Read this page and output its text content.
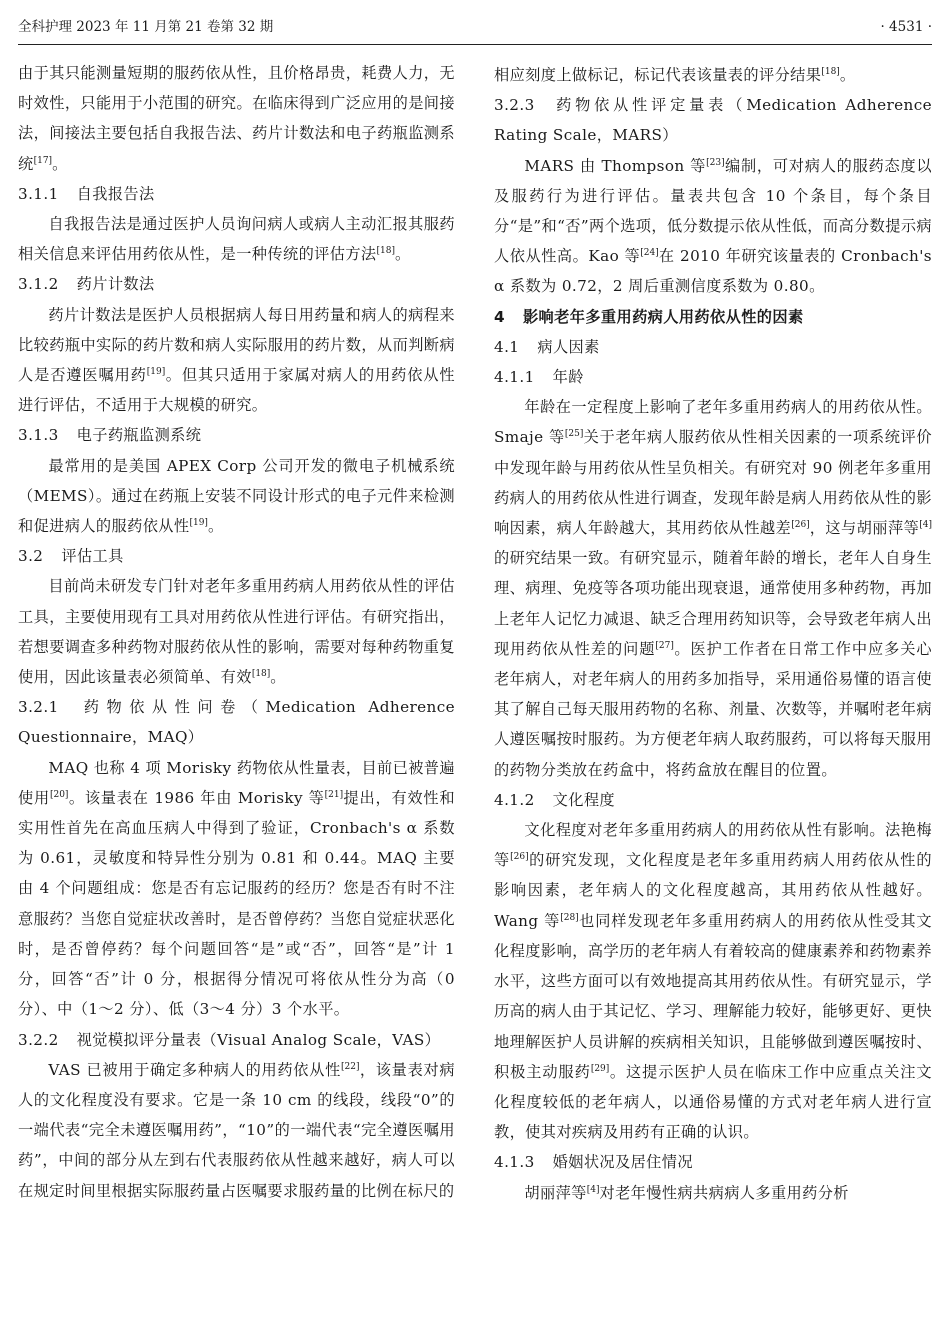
全科护理 2023 年 11 月第 21 卷第 32 期	· 4531 ·

由于其只能测量短期的服药依从性，且价格昂贵，耗费人力，无时效性，只能用于小范围的研究。在临床得到广泛应用的是间接法，间接法主要包括自我报告法、药片计数法和电子药瓶监测系统[17]。

3.1.1 自我报告法

自我报告法是通过医护人员询问病人或病人主动汇报其服药相关信息来评估用药依从性，是一种传统的评估方法[18]。

3.1.2 药片计数法

药片计数法是医护人员根据病人每日用药量和病人的病程来比较药瓶中实际的药片数和病人实际服用的药片数，从而判断病人是否遵医嘱用药[19]。但其只适用于家属对病人的用药依从性进行评估，不适用于大规模的研究。

3.1.3 电子药瓶监测系统

最常用的是美国 APEX Corp 公司开发的微电子机械系统（MEMS）。通过在药瓶上安装不同设计形式的电子元件来检测和促进病人的服药依从性[19]。

3.2 评估工具

目前尚未研发专门针对老年多重用药病人用药依从性的评估工具，主要使用现有工具对用药依从性进行评估。有研究指出，若想要调查多种药物对服药依从性的影响，需要对每种药物重复使用，因此该量表必须简单、有效[18]。

3.2.1 药物依从性问卷（Medication Adherence Questionnaire，MAQ）

MAQ 也称 4 项 Morisky 药物依从性量表，目前已被普遍使用[20]。该量表在 1986 年由 Morisky 等[21]提出，有效性和实用性首先在高血压病人中得到了验证，Cronbach's α 系数为 0.61，灵敏度和特异性分别为 0.81 和 0.44。MAQ 主要由 4 个问题组成：您是否有忘记服药的经历？您是否有时不注意服药？当您自觉症状改善时，是否曾停药？当您自觉症状恶化时，是否曾停药？每个问题回答“是”或“否”，回答“是”计 1 分，回答“否”计 0 分，根据得分情况可将依从性分为高（0分）、中（1～2 分）、低（3～4 分）3 个水平。

3.2.2 视觉模拟评分量表（Visual Analog Scale，VAS）

VAS 已被用于确定多种病人的用药依从性[22]，该量表对病人的文化程度没有要求。它是一条 10 cm 的线段，线段“0”的一端代表“完全未遵医嘱用药”，“10”的一端代表“完全遵医嘱用药”，中间的部分从左到右代表服药依从性越来越好，病人可以在规定时间里根据实际服药量占医嘱要求服药量的比例在标尺的

相应刻度上做标记，标记代表该量表的评分结果[18]。

3.2.3 药物依从性评定量表（Medication Adherence Rating Scale，MARS）

MARS 由 Thompson 等[23]编制，可对病人的服药态度以及服药行为进行评估。量表共包含 10 个条目，每个条目分“是”和“否”两个选项，低分数提示依从性低，而高分数提示病人依从性高。Kao 等[24]在 2010 年研究该量表的 Cronbach's α 系数为 0.72，2 周后重测信度系数为 0.80。

4 影响老年多重用药病人用药依从性的因素
4.1 病人因素
4.1.1 年龄

年龄在一定程度上影响了老年多重用药病人的用药依从性。Smaje 等[25]关于老年病人服药依从性相关因素的一项系统评价中发现年龄与用药依从性呈负相关。有研究对 90 例老年多重用药病人的用药依从性进行调查，发现年龄是病人用药依从性的影响因素，病人年龄越大，其用药依从性越差[26]，这与胡丽萍等[4]的研究结果一致。有研究显示，随着年龄的增长，老年人自身生理、病理、免疫等各项功能出现衰退，通常使用多种药物，再加上老年人记忆力减退、缺乏合理用药知识等，会导致老年病人出现用药依从性差的问题[27]。医护工作者在日常工作中应多关心老年病人，对老年病人的用药多加指导，采用通俗易懂的语言使其了解自己每天服用药物的名称、剂量、次数等，并嘱咐老年病人遵医嘱按时服药。为方便老年病人取药服药，可以将每天服用的药物分类放在药盒中，将药盒放在醒目的位置。

4.1.2 文化程度

文化程度对老年多重用药病人的用药依从性有影响。法艳梅等[26]的研究发现，文化程度是老年多重用药病人用药依从性的影响因素，老年病人的文化程度越高，其用药依从性越好。Wang 等[28]也同样发现老年多重用药病人的用药依从性受其文化程度影响，高学历的老年病人有着较高的健康素养和药物素养水平，这些方面可以有效地提高其用药依从性。有研究显示，学历高的病人由于其记忆、学习、理解能力较好，能够更好、更快地理解医护人员讲解的疾病相关知识，且能够做到遵医嘱按时、积极主动服药[29]。这提示医护人员在临床工作中应重点关注文化程度较低的老年病人，以通俗易懂的方式对老年病人进行宣教，使其对疾病及用药有正确的认识。

4.1.3 婚姻状况及居住情况

胡丽萍等[4]对老年慢性病共病病人多重用药分析
